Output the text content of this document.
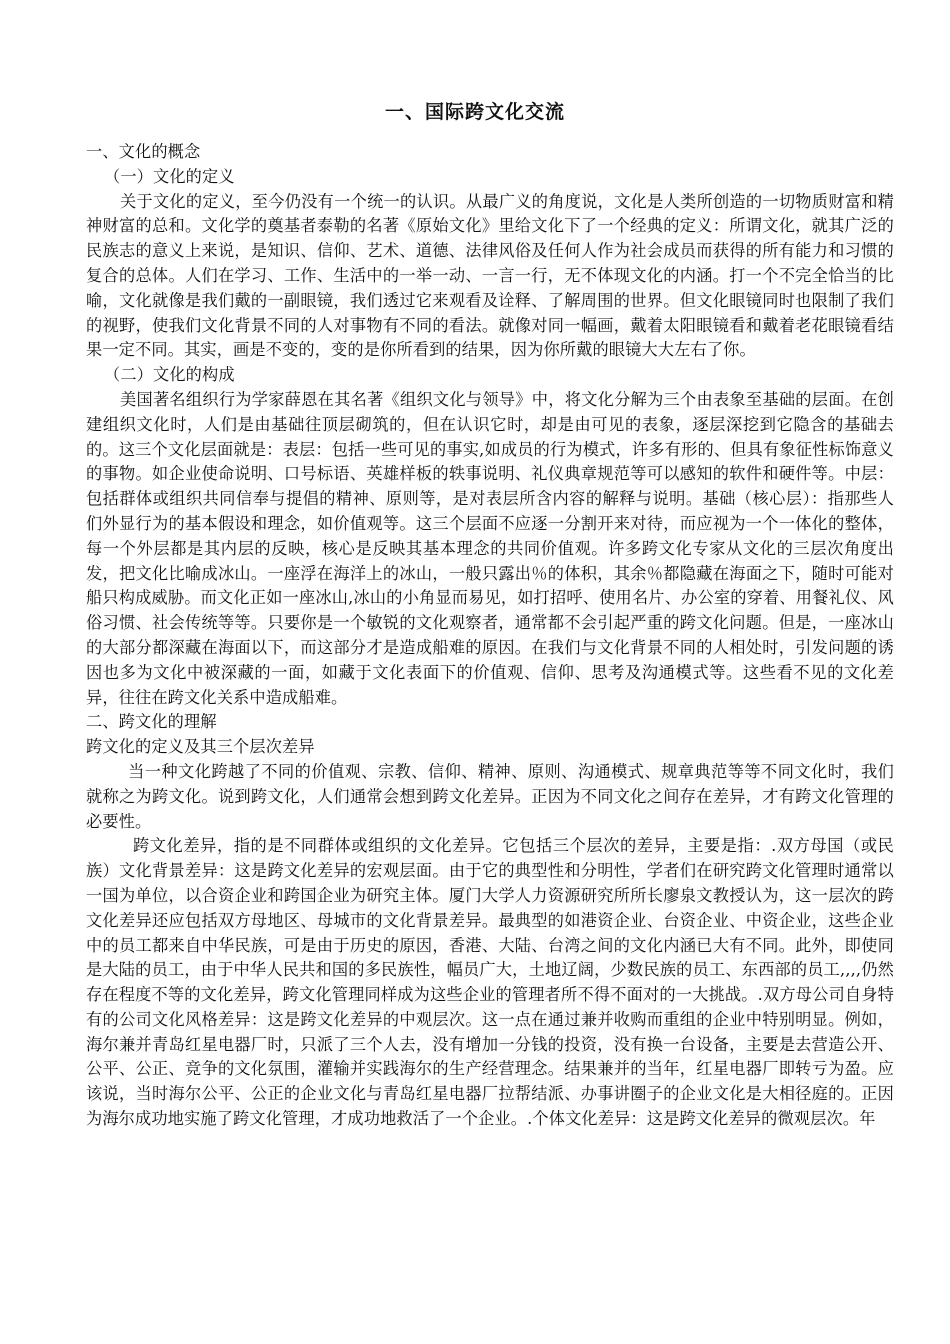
一、国际跨文化交流

一、文化的概念

（一）文化的定义

关于文化的定义，至今仍没有一个统一的认识。从最广义的角度说，文化是人类所创造的一切物质财富和精神财富的总和。文化学的奠基者泰勒的名著《原始文化》里给文化下了一个经典的定义：所谓文化，就其广泛的民族志的意义上来说，是知识、信仰、艺术、道德、法律风俗及任何人作为社会成员而获得的所有能力和习惯的复合的总体。人们在学习、工作、生活中的一举一动、一言一行，无不体现文化的内涵。打一个不完全恰当的比喻，文化就像是我们戴的一副眼镜，我们透过它来观看及诠释、了解周围的世界。但文化眼镜同时也限制了我们的视野，使我们文化背景不同的人对事物有不同的看法。就像对同一幅画，戴着太阳眼镜看和戴着老花眼镜看结果一定不同。其实，画是不变的，变的是你所看到的结果，因为你所戴的眼镜大大左右了你。

（二）文化的构成

美国著名组织行为学家薛恩在其名著《组织文化与领导》中，将文化分解为三个由表象至基础的层面。在创建组织文化时，人们是由基础往顶层砌筑的，但在认识它时，却是由可见的表象，逐层深挖到它隐含的基础去的。这三个文化层面就是：表层：包括一些可见的事实,如成员的行为模式，许多有形的、但具有象征性标饰意义的事物。如企业使命说明、口号标语、英雄样板的轶事说明、礼仪典章规范等可以感知的软件和硬件等。中层：包括群体或组织共同信奉与提倡的精神、原则等，是对表层所含内容的解释与说明。基础（核心层）：指那些人们外显行为的基本假设和理念，如价值观等。这三个层面不应逐一分割开来对待，而应视为一个一体化的整体，每一个外层都是其内层的反映，核心是反映其基本理念的共同价值观。许多跨文化专家从文化的三层次角度出发，把文化比喻成冰山。一座浮在海洋上的冰山，一般只露出％的体积，其余％都隐藏在海面之下，随时可能对船只构成威胁。而文化正如一座冰山,冰山的小角显而易见，如打招呼、使用名片、办公室的穿着、用餐礼仪、风俗习惯、社会传统等等。只要你是一个敏锐的文化观察者，通常都不会引起严重的跨文化问题。但是，一座冰山的大部分都深藏在海面以下，而这部分才是造成船难的原因。在我们与文化背景不同的人相处时，引发问题的诱因也多为文化中被深藏的一面，如藏于文化表面下的价值观、信仰、思考及沟通模式等。这些看不见的文化差异，往往在跨文化关系中造成船难。

二、跨文化的理解

跨文化的定义及其三个层次差异

当一种文化跨越了不同的价值观、宗教、信仰、精神、原则、沟通模式、规章典范等等不同文化时，我们就称之为跨文化。说到跨文化，人们通常会想到跨文化差异。正因为不同文化之间存在差异，才有跨文化管理的必要性。

跨文化差异，指的是不同群体或组织的文化差异。它包括三个层次的差异，主要是指：.双方母国（或民族）文化背景差异：这是跨文化差异的宏观层面。由于它的典型性和分明性，学者们在研究跨文化管理时通常以一国为单位，以合资企业和跨国企业为研究主体。厦门大学人力资源研究所所长廖泉文教授认为，这一层次的跨文化差异还应包括双方母地区、母城市的文化背景差异。最典型的如港资企业、台资企业、中资企业，这些企业中的员工都来自中华民族，可是由于历史的原因，香港、大陆、台湾之间的文化内涵已大有不同。此外，即使同是大陆的员工，由于中华人民共和国的多民族性，幅员广大，土地辽阔，少数民族的员工、东西部的员工,,,,仍然存在程度不等的文化差异，跨文化管理同样成为这些企业的管理者所不得不面对的一大挑战。.双方母公司自身特有的公司文化风格差异：这是跨文化差异的中观层次。这一点在通过兼并收购而重组的企业中特别明显。例如，海尔兼并青岛红星电器厂时，只派了三个人去，没有增加一分钱的投资，没有换一台设备，主要是去营造公开、公平、公正、竞争的文化氛围，灌输并实践海尔的生产经营理念。结果兼并的当年，红星电器厂即转亏为盈。应该说，当时海尔公平、公正的企业文化与青岛红星电器厂拉帮结派、办事讲圈子的企业文化是大相径庭的。正因为海尔成功地实施了跨文化管理，才成功地救活了一个企业。.个体文化差异：这是跨文化差异的微观层次。年
